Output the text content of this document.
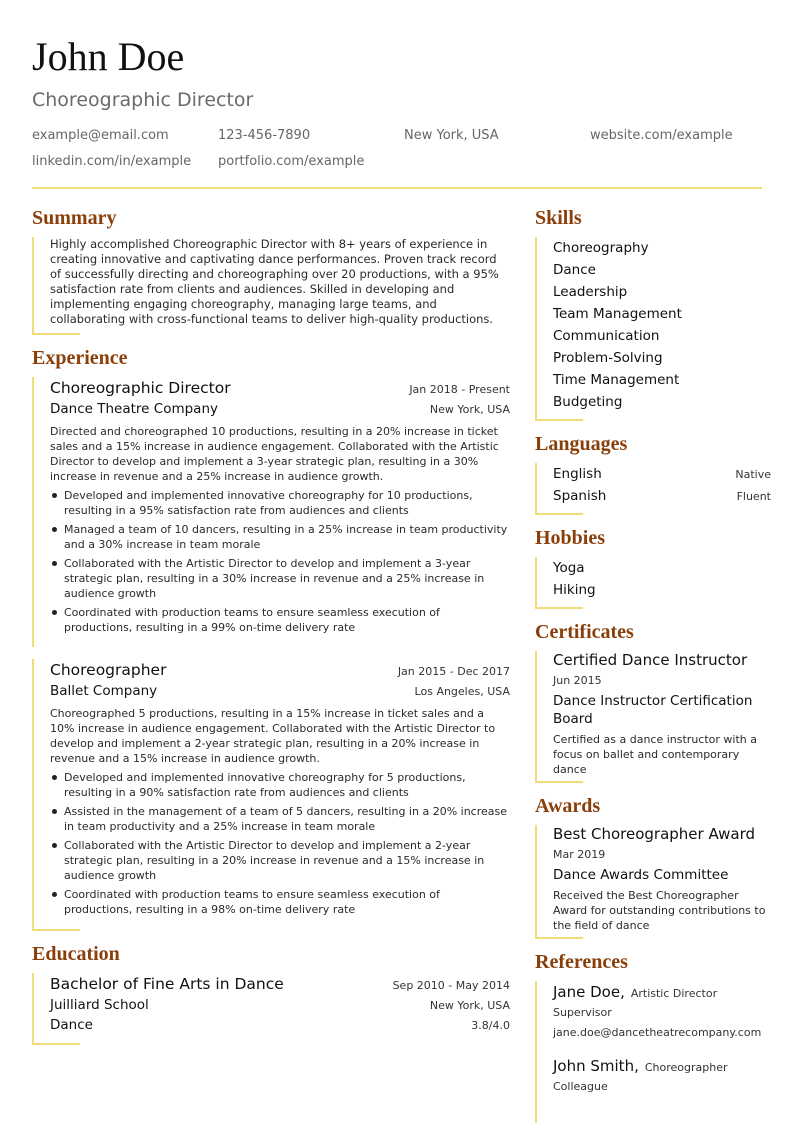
John Doe
Choreographic Director
example@email.com	123-456-7890	New York, USA	website.com/example
linkedin.com/in/example	portfolio.com/example
Summary

Highly accomplished Choreographic Director with 8+ years of experience in creating innovative and captivating dance performances. Proven track record of successfully directing and choreographing over 20 productions, with a 95% satisfaction rate from clients and audiences. Skilled in developing and implementing engaging choreography, managing large teams, and collaborating with cross-functional teams to deliver high-quality productions.

Experience
Choreographic Director	Jan 2018 - Present
Dance Theatre Company	New York, USA

Directed and choreographed 10 productions, resulting in a 20% increase in ticket sales and a 15% increase in audience engagement. Collaborated with the Artistic Director to develop and implement a 3-year strategic plan, resulting in a 30% increase in revenue and a 25% increase in audience growth.

Developed and implemented innovative choreography for 10 productions, resulting in a 95% satisfaction rate from audiences and clients
Managed a team of 10 dancers, resulting in a 25% increase in team productivity and a 30% increase in team morale
Collaborated with the Artistic Director to develop and implement a 3-year strategic plan, resulting in a 30% increase in revenue and a 25% increase in audience growth
Coordinated with production teams to ensure seamless execution of productions, resulting in a 99% on-time delivery rate
Choreographer	Jan 2015 - Dec 2017
Ballet Company	Los Angeles, USA

Choreographed 5 productions, resulting in a 15% increase in ticket sales and a 10% increase in audience engagement. Collaborated with the Artistic Director to develop and implement a 2-year strategic plan, resulting in a 20% increase in revenue and a 15% increase in audience growth.

Developed and implemented innovative choreography for 5 productions, resulting in a 90% satisfaction rate from audiences and clients
Assisted in the management of a team of 5 dancers, resulting in a 20% increase in team productivity and a 25% increase in team morale
Collaborated with the Artistic Director to develop and implement a 2-year strategic plan, resulting in a 20% increase in revenue and a 15% increase in audience growth
Coordinated with production teams to ensure seamless execution of productions, resulting in a 98% on-time delivery rate
Education
Bachelor of Fine Arts in Dance	Sep 2010 - May 2014
Juilliard School	New York, USA
Dance	3.8/4.0
Skills
Choreography
Dance
Leadership
Team Management
Communication
Problem-Solving
Time Management
Budgeting
Languages
English	Native
Spanish	Fluent
Hobbies
Yoga
Hiking
Certificates
Certified Dance Instructor
Jun 2015
Dance Instructor Certification Board

Certified as a dance instructor with a focus on ballet and contemporary dance

Awards
Best Choreographer Award
Mar 2019
Dance Awards Committee

Received the Best Choreographer Award for outstanding contributions to the field of dance

References
Jane Doe, Artistic Director
Supervisor
jane.doe@dancetheatrecompany.com
John Smith, Choreographer
Colleague
